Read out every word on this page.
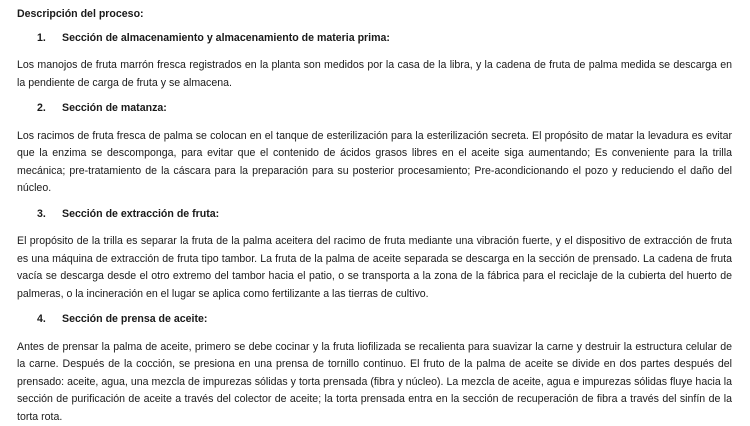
Descripción del proceso:

1.	Sección de almacenamiento y almacenamiento de materia prima:

Los manojos de fruta marrón fresca registrados en la planta son medidos por la casa de la libra, y la cadena de fruta de palma medida se descarga en la pendiente de carga de fruta y se almacena.

2.	Sección de matanza:

Los racimos de fruta fresca de palma se colocan en el tanque de esterilización para la esterilización secreta. El propósito de matar la levadura es evitar que la enzima se descomponga, para evitar que el contenido de ácidos grasos libres en el aceite siga aumentando; Es conveniente para la trilla mecánica; pre-tratamiento de la cáscara para la preparación para su posterior procesamiento; Pre-acondicionando el pozo y reduciendo el daño del núcleo.

3.	Sección de extracción de fruta:

El propósito de la trilla es separar la fruta de la palma aceitera del racimo de fruta mediante una vibración fuerte, y el dispositivo de extracción de fruta es una máquina de extracción de fruta tipo tambor. La fruta de la palma de aceite separada se descarga en la sección de prensado. La cadena de fruta vacía se descarga desde el otro extremo del tambor hacia el patio, o se transporta a la zona de la fábrica para el reciclaje de la cubierta del huerto de palmeras, o la incineración en el lugar se aplica como fertilizante a las tierras de cultivo.

4.	Sección de prensa de aceite:

Antes de prensar la palma de aceite, primero se debe cocinar y la fruta liofilizada se recalienta para suavizar la carne y destruir la estructura celular de la carne. Después de la cocción, se presiona en una prensa de tornillo continuo. El fruto de la palma de aceite se divide en dos partes después del prensado: aceite, agua, una mezcla de impurezas sólidas y torta prensada (fibra y núcleo). La mezcla de aceite, agua e impurezas sólidas fluye hacia la sección de purificación de aceite a través del colector de aceite; la torta prensada entra en la sección de recuperación de fibra a través del sinfín de la torta rota.
